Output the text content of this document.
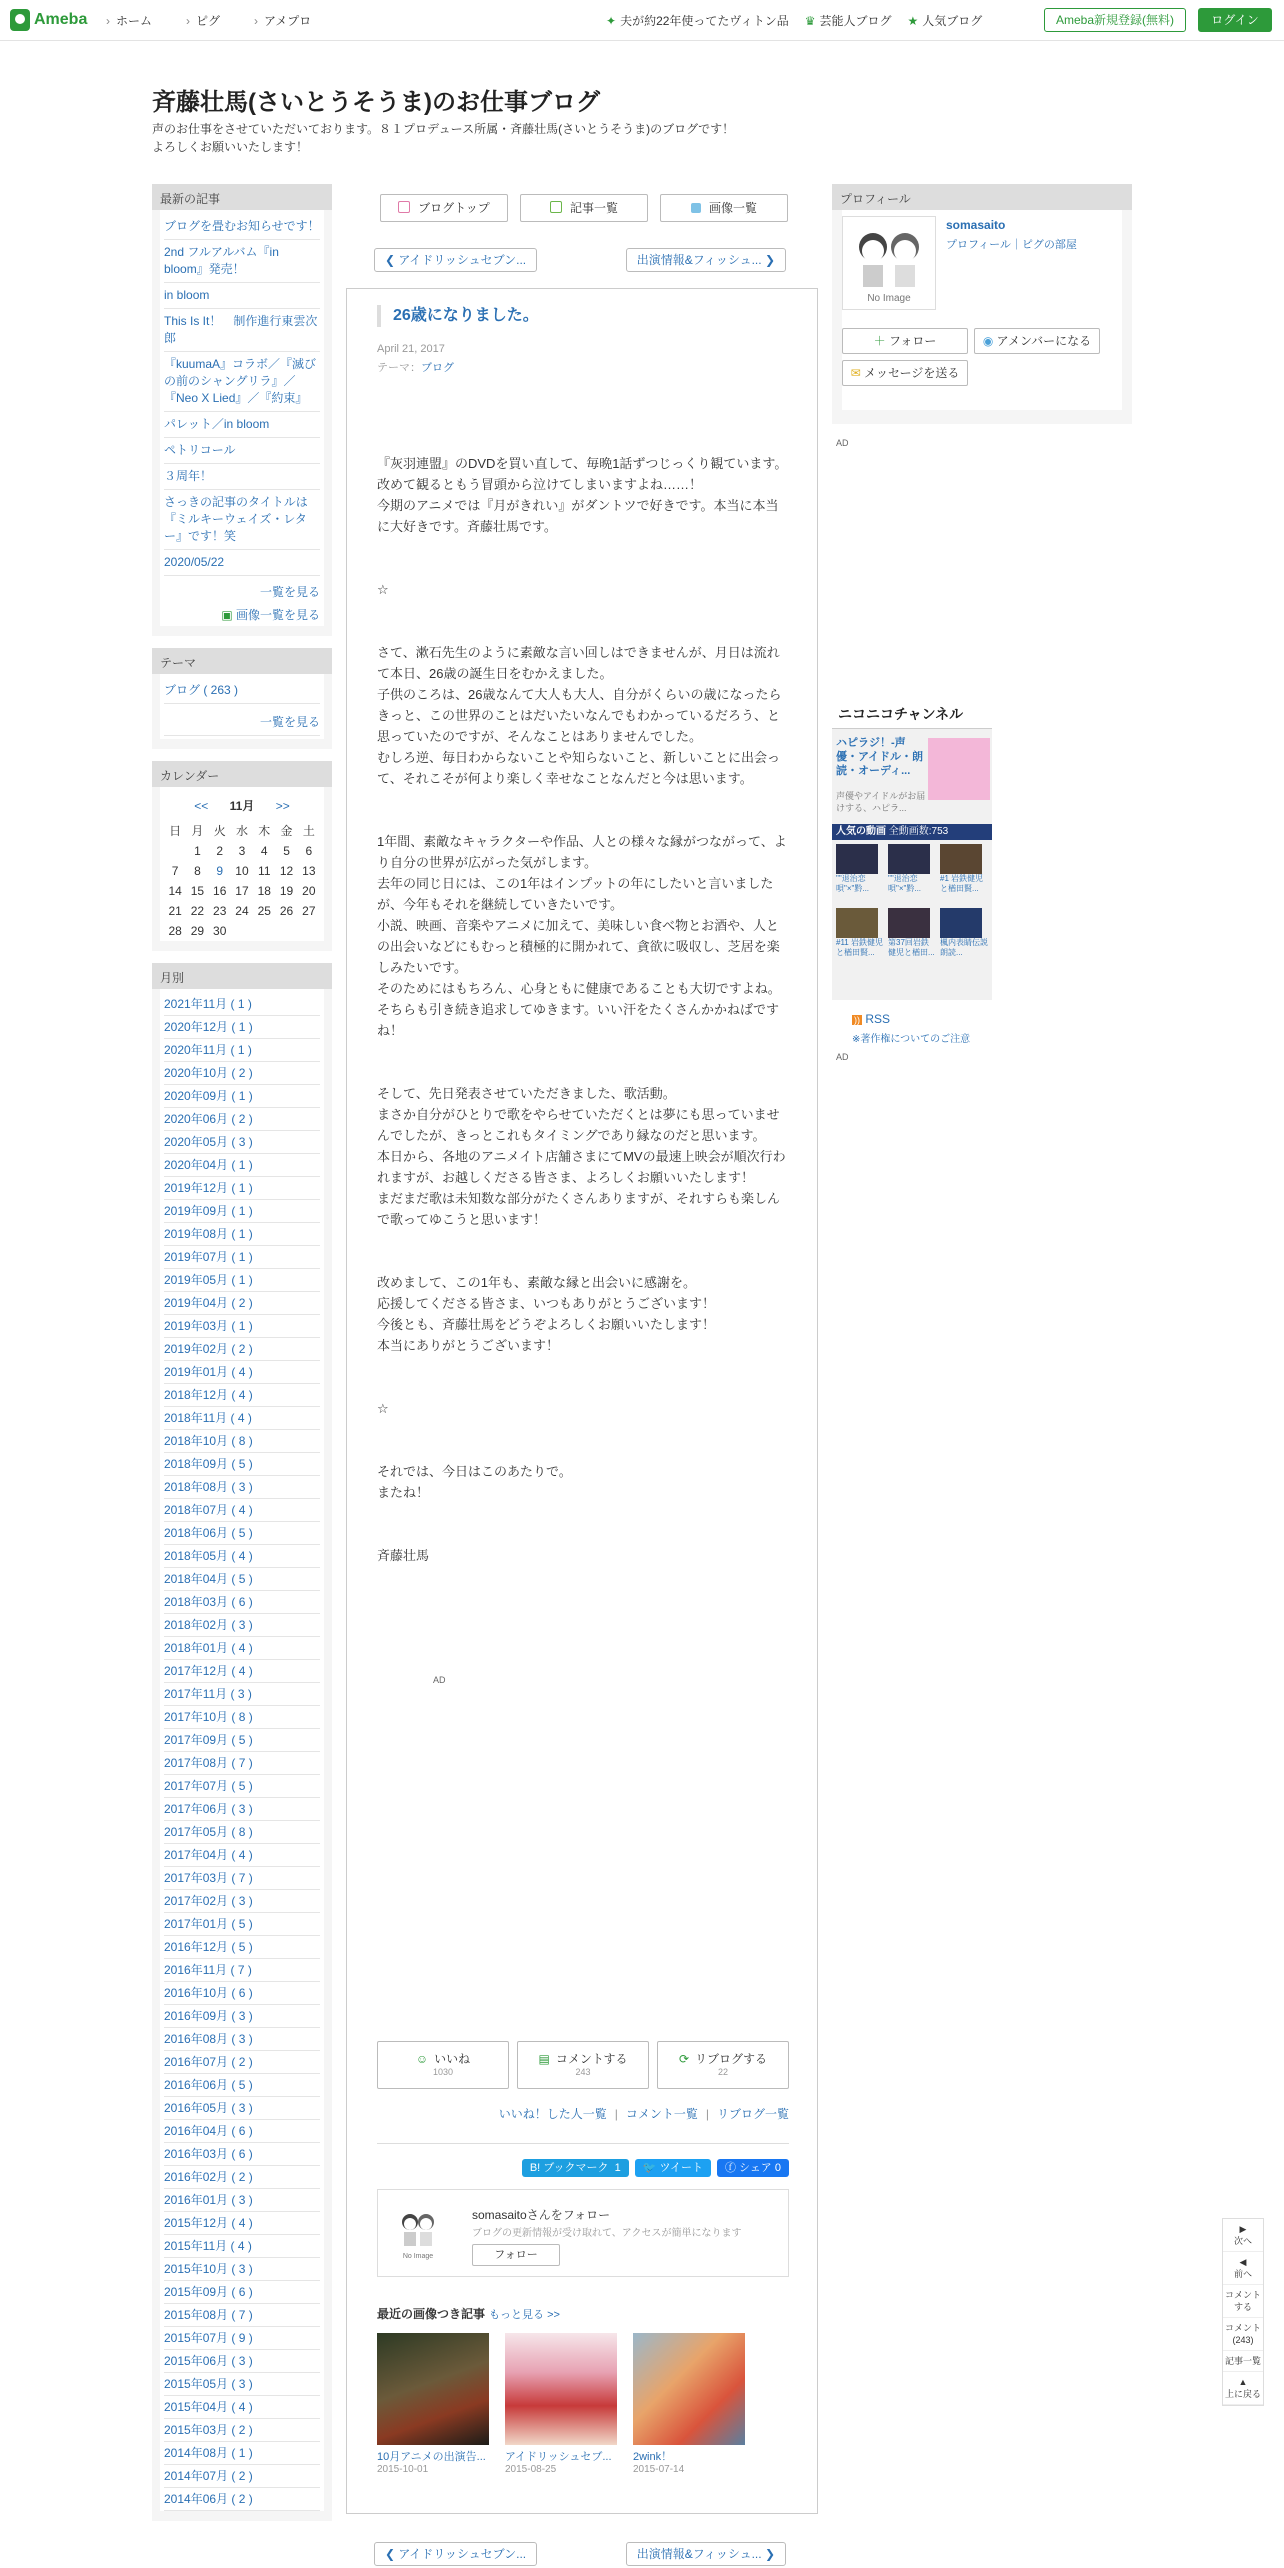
Ameba	› ホーム	› ピグ	› アメプロ	✦ 夫が約22年使ってたヴィトン品 ♛ 芸能人ブログ ★ 人気ブログ	Ameba新規登録(無料)	ログイン
斉藤壮馬(さいとうそうま)のお仕事ブログ
声のお仕事をさせていただいております。８１プロデュース所属・斉藤壮馬(さいとうそうま)のブログです！
よろしくお願いいたします！
最新の記事
ブログを畳むお知らせです！
2nd フルアルバム『in bloom』発売！
in bloom
This Is It！　制作進行東雲次郎
『kuumaA』コラボ／『滅びの前のシャングリラ』／『Neo X Lied』／『約束』
パレット／in bloom
ペトリコール
３周年！
さっきの記事のタイトルは『ミルキーウェイズ・レター』です！笑
2020/05/22
一覧を見る
▣ 画像一覧を見る
テーマ
ブログ ( 263 )
一覧を見る
カレンダー
<< 11月 >>
日	月	火	水	木	金	土
	1	2	3	4	5	6
7	8	9	10	11	12	13
14	15	16	17	18	19	20
21	22	23	24	25	26	27
28	29	30				
月別
2021年11月 ( 1 )
2020年12月 ( 1 )
2020年11月 ( 1 )
2020年10月 ( 2 )
2020年09月 ( 1 )
2020年06月 ( 2 )
2020年05月 ( 3 )
2020年04月 ( 1 )
2019年12月 ( 1 )
2019年09月 ( 1 )
2019年08月 ( 1 )
2019年07月 ( 1 )
2019年05月 ( 1 )
2019年04月 ( 2 )
2019年03月 ( 1 )
2019年02月 ( 2 )
2019年01月 ( 4 )
2018年12月 ( 4 )
2018年11月 ( 4 )
2018年10月 ( 8 )
2018年09月 ( 5 )
2018年08月 ( 3 )
2018年07月 ( 4 )
2018年06月 ( 5 )
2018年05月 ( 4 )
2018年04月 ( 5 )
2018年03月 ( 6 )
2018年02月 ( 3 )
2018年01月 ( 4 )
2017年12月 ( 4 )
2017年11月 ( 3 )
2017年10月 ( 8 )
2017年09月 ( 5 )
2017年08月 ( 7 )
2017年07月 ( 5 )
2017年06月 ( 3 )
2017年05月 ( 8 )
2017年04月 ( 4 )
2017年03月 ( 7 )
2017年02月 ( 3 )
2017年01月 ( 5 )
2016年12月 ( 5 )
2016年11月 ( 7 )
2016年10月 ( 6 )
2016年09月 ( 3 )
2016年08月 ( 3 )
2016年07月 ( 2 )
2016年06月 ( 5 )
2016年05月 ( 3 )
2016年04月 ( 6 )
2016年03月 ( 6 )
2016年02月 ( 2 )
2016年01月 ( 3 )
2015年12月 ( 4 )
2015年11月 ( 4 )
2015年10月 ( 3 )
2015年09月 ( 6 )
2015年08月 ( 7 )
2015年07月 ( 9 )
2015年06月 ( 3 )
2015年05月 ( 3 )
2015年04月 ( 4 )
2015年03月 ( 2 )
2014年08月 ( 1 )
2014年07月 ( 2 )
2014年06月 ( 2 )
ブログトップ	記事一覧	画像一覧
❮ アイドリッシュセブン...	出演情報&フィッシュ... ❯
26歳になりました。
April 21, 2017
テーマ：ブログ

『灰羽連盟』のDVDを買い直して、毎晩1話ずつじっくり観ています。改めて観るともう冒頭から泣けてしまいますよね……！

今期のアニメでは『月がきれい』がダントツで好きです。本当に本当に大好きです。斉藤壮馬です。

☆

さて、漱石先生のように素敵な言い回しはできませんが、月日は流れて本日、26歳の誕生日をむかえました。

子供のころは、26歳なんて大人も大人、自分がくらいの歳になったらきっと、この世界のことはだいたいなんでもわかっているだろう、と思っていたのですが、そんなことはありませんでした。

むしろ逆、毎日わからないことや知らないこと、新しいことに出会って、それこそが何より楽しく幸せなことなんだと今は思います。

1年間、素敵なキャラクターや作品、人との様々な縁がつながって、より自分の世界が広がった気がします。

去年の同じ日には、この1年はインプットの年にしたいと言いましたが、今年もそれを継続していきたいです。

小説、映画、音楽やアニメに加えて、美味しい食べ物とお酒や、人との出会いなどにもむっと積極的に開かれて、貪欲に吸収し、芝居を楽しみたいです。

そのためにはもちろん、心身ともに健康であることも大切ですよね。そちらも引き続き追求してゆきます。いい汗をたくさんかかねばですね！

そして、先日発表させていただきました、歌活動。

まさか自分がひとりで歌をやらせていただくとは夢にも思っていませんでしたが、きっとこれもタイミングであり縁なのだと思います。

本日から、各地のアニメイト店舗さまにてMVの最速上映会が順次行われますが、お越しくださる皆さま、よろしくお願いいたします！

まだまだ歌は未知数な部分がたくさんありますが、それすらも楽しんで歌ってゆこうと思います！

改めまして、この1年も、素敵な縁と出会いに感謝を。

応援してくださる皆さま、いつもありがとうございます！

今後とも、斉藤壮馬をどうぞよろしくお願いいたします！

本当にありがとうございます！

☆

それでは、今日はこのあたりで。

またね！

斉藤壮馬

AD
☺ いいね
1030
▤ コメントする
243
⟳ リブログする
22
いいね！した人一覧 | コメント一覧 | リブログ一覧
B! ブックマーク 1 🐦 ツイート ⓕ シェア 0
No Image
somasaitoさんをフォロー
ブログの更新情報が受け取れて、アクセスが簡単になります
フォロー
最近の画像つき記事 もっと見る >>
10月アニメの出演告...
2015-10-01
アイドリッシュセブ...
2015-08-25
2wink！
2015-07-14
❮ アイドリッシュセブン...	出演情報&フィッシュ... ❯
プロフィール
No Image
somasaito
プロフィール｜ピグの部屋
＋ フォロー	◉ アメンバーになる
✉ メッセージを送る
AD
ニコニコチャンネル
ハピラジ！-声優・アイドル・朗読・オーディ...
声優やアイドルがお届けする、ハピラ...
人気の動画 全動画数:753
""退治恋唄"×"黔...
""退治恋唄"×"黔...
#1 岩鉄健児と楢田賢...
#11 岩鉄健児と楢田賢...
第37回岩鉄健児と楢田...
楓内表睛伝説 朗読...
)) RSS
※著作権についてのご注意
AD
▶
次へ
◀
前へ
コメントする
コメント(243)
記事一覧
▲
上に戻る
